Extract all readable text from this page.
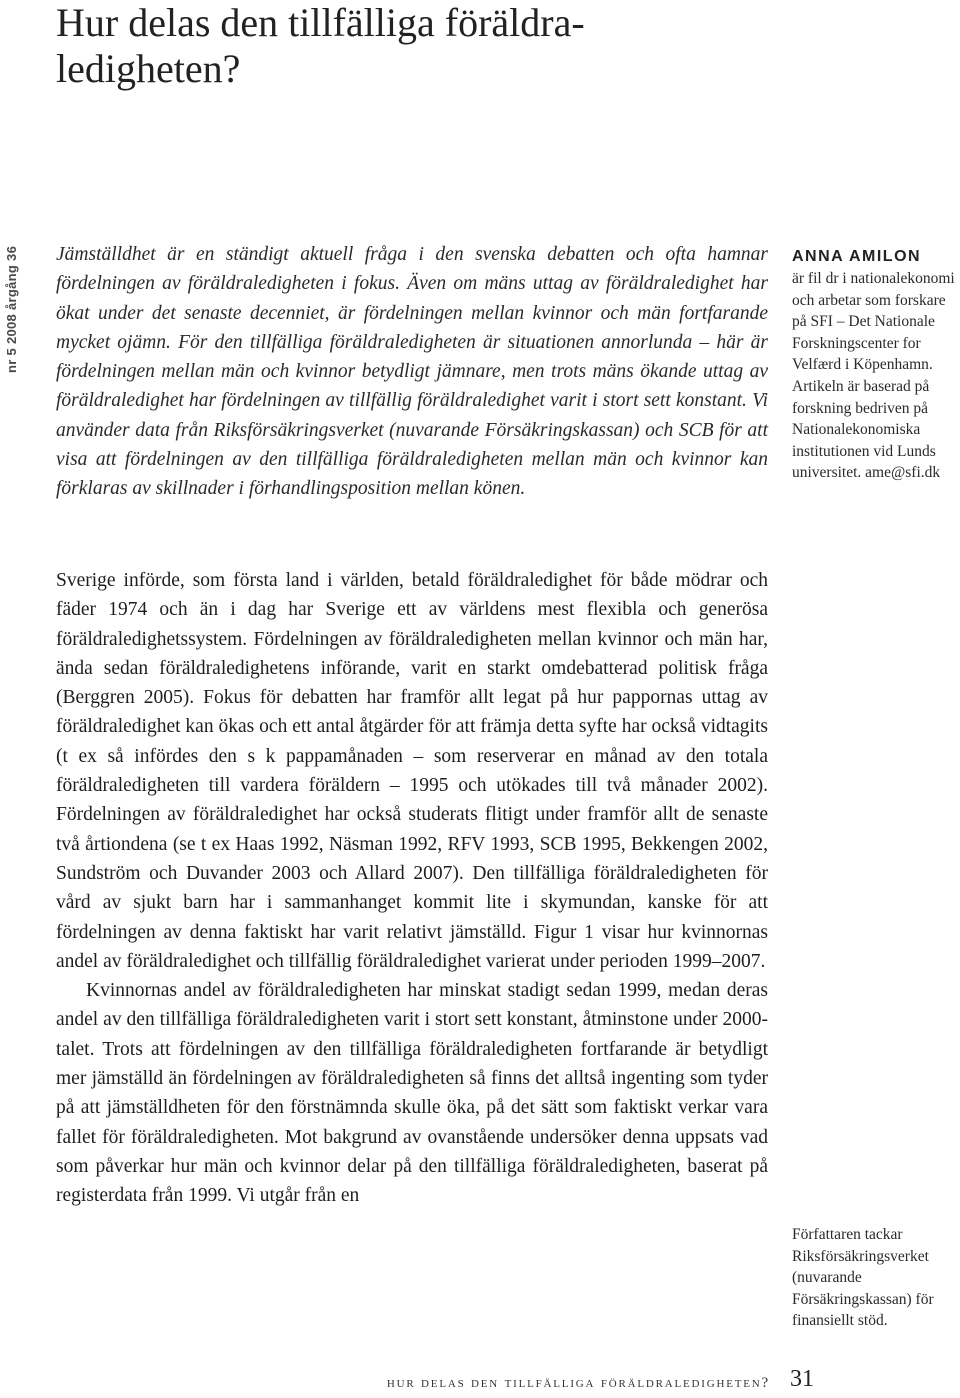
Hur delas den tillfälliga föräldra-
ledigheten?
nr 5 2008 årgång 36	Jämställdhet är en ständigt aktuell fråga i den svenska debatten och ofta hamnar fördelningen av föräldraledigheten i fokus. Även om mäns uttag av föräldraledighet har ökat under det senaste decenniet, är fördelningen mellan kvinnor och män fortfarande mycket ojämn. För den tillfälliga föräldraledigheten är situationen annorlunda – här är fördelningen mellan män och kvinnor betydligt jämnare, men trots mäns ökande uttag av föräldraledighet har fördelningen av tillfällig föräldraledighet varit i stort sett konstant. Vi använder data från Riksförsäkringsverket (nuvarande Försäkringskassan) och SCB för att visa att fördelningen av den tillfälliga föräldraledigheten mellan män och kvinnor kan förklaras av skillnader i förhandlingsposition mellan könen.

ANNA AMILON
är fil dr i nationalekonomi och arbetar som forskare på SFI – Det Nationale Forskningscenter for Velfærd i Köpenhamn. Artikeln är baserad på forskning bedriven på Nationalekonomiska institutionen vid Lunds universitet. ame@sfi.dk

Sverige införde, som första land i världen, betald föräldraledighet för både mödrar och fäder 1974 och än i dag har Sverige ett av världens mest flexibla och generösa föräldraledighetssystem. Fördelningen av föräldraledigheten mellan kvinnor och män har, ända sedan föräldraledighetens införande, varit en starkt omdebatterad politisk fråga (Berggren 2005). Fokus för debatten har framför allt legat på hur pappornas uttag av föräldraledighet kan ökas och ett antal åtgärder för att främja detta syfte har också vidtagits (t ex så infördes den s k pappamånaden – som reserverar en månad av den totala föräldraledigheten till vardera föräldern – 1995 och utökades till två månader 2002). Fördelningen av föräldraledighet har också studerats flitigt under framför allt de senaste två årtiondena (se t ex Haas 1992, Näsman 1992, RFV 1993, SCB 1995, Bekkengen 2002, Sundström och Duvander 2003 och Allard 2007). Den tillfälliga föräldraledigheten för vård av sjukt barn har i sammanhanget kommit lite i skymundan, kanske för att fördelningen av denna faktiskt har varit relativt jämställd. Figur 1 visar hur kvinnornas andel av föräldraledighet och tillfällig föräldraledighet varierat under perioden 1999–2007.

Kvinnornas andel av föräldraledigheten har minskat stadigt sedan 1999, medan deras andel av den tillfälliga föräldraledigheten varit i stort sett konstant, åtminstone under 2000-talet. Trots att fördelningen av den tillfälliga föräldraledigheten fortfarande är betydligt mer jämställd än fördelningen av föräldraledigheten så finns det alltså ingenting som tyder på att jämställdheten för den förstnämnda skulle öka, på det sätt som faktiskt verkar vara fallet för föräldraledigheten. Mot bakgrund av ovanstående undersöker denna uppsats vad som påverkar hur män och kvinnor delar på den tillfälliga föräldraledigheten, baserat på registerdata från 1999. Vi utgår från en

Författaren tackar Riksförsäkringsverket (nuvarande Försäkringskassan) för finansiellt stöd.

hur delas den tillfälliga föräldraledigheten? 31
